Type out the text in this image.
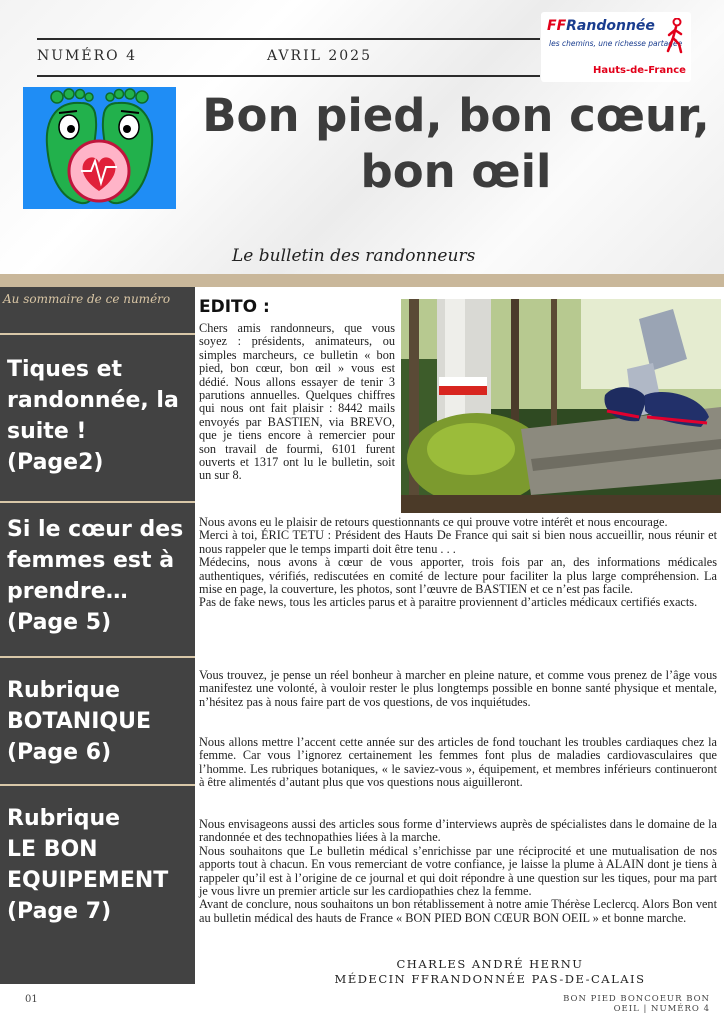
NUMÉRO 4	AVRIL 2025
Bon pied, bon cœur,
bon œil
Le bulletin des randonneurs
FFRandonnée
les chemins, une richesse partagée
Hauts-de-France
Au sommaire de ce numéro
Tiques et
randonnée, la
suite !
(Page2)
Si le cœur des
femmes est à
prendre…
(Page 5)
Rubrique
BOTANIQUE
(Page 6)
Rubrique
LE BON
EQUIPEMENT
(Page 7)
EDITO :
Chers amis randonneurs, que vous soyez : présidents, animateurs, ou simples marcheurs, ce bulletin « bon pied, bon cœur, bon œil » vous est dédié. Nous allons essayer de tenir 3 parutions annuelles. Quelques chiffres qui nous ont fait plaisir : 8442 mails envoyés par BASTIEN, via BREVO, que je tiens encore à remercier pour son travail de fourmi, 6101 furent ouverts et 1317 ont lu le bulletin, soit un sur 8.

Nous avons eu le plaisir de retours questionnants ce qui prouve votre intérêt et nous encourage.

Merci à toi, ÉRIC TETU : Président des Hauts De France qui sait si bien nous accueillir, nous réunir et nous rappeler que le temps imparti doit être tenu . . .

Médecins, nous avons à cœur de vous apporter, trois fois par an, des informations médicales authentiques, vérifiés, rediscutées en comité de lecture pour faciliter la plus large compréhension. La mise en page, la couverture, les photos, sont l’œuvre de BASTIEN et ce n’est pas facile.

Pas de fake news, tous les articles parus et à paraitre proviennent d’articles médicaux certifiés exacts.

Vous trouvez, je pense un réel bonheur à marcher en pleine nature, et comme vous prenez de l’âge vous manifestez une volonté, à vouloir rester le plus longtemps possible en bonne santé physique et mentale, n’hésitez pas à nous faire part de vos questions, de vos inquiétudes.

Nous allons mettre l’accent cette année sur des articles de fond touchant les troubles cardiaques chez la femme. Car vous l’ignorez certainement les femmes font plus de maladies cardiovasculaires que l’homme. Les rubriques botaniques, « le saviez-vous », équipement, et membres inférieurs continueront à être alimentés d’autant plus que vos questions nous aiguilleront.

Nous envisageons aussi des articles sous forme d’interviews auprès de spécialistes dans le domaine de la randonnée et des technopathies liées à la marche.

Nous souhaitons que Le bulletin médical s’enrichisse par une réciprocité et une mutualisation de nos apports tout à chacun. En vous remerciant de votre confiance, je laisse la plume à ALAIN dont je tiens à rappeler qu’il est à l’origine de ce journal et qui doit répondre à une question sur les tiques, pour ma part je vous livre un premier article sur les cardiopathies chez la femme.

Avant de conclure, nous souhaitons un bon rétablissement à notre amie Thérèse Leclercq. Alors Bon vent au bulletin médical des hauts de France « BON PIED BON CŒUR BON OEIL » et bonne marche.

CHARLES ANDRÉ HERNU
MÉDECIN FFRANDONNÉE PAS-DE-CALAIS
01	BON PIED BONCOEUR BON
OEIL | NUMÉRO 4
